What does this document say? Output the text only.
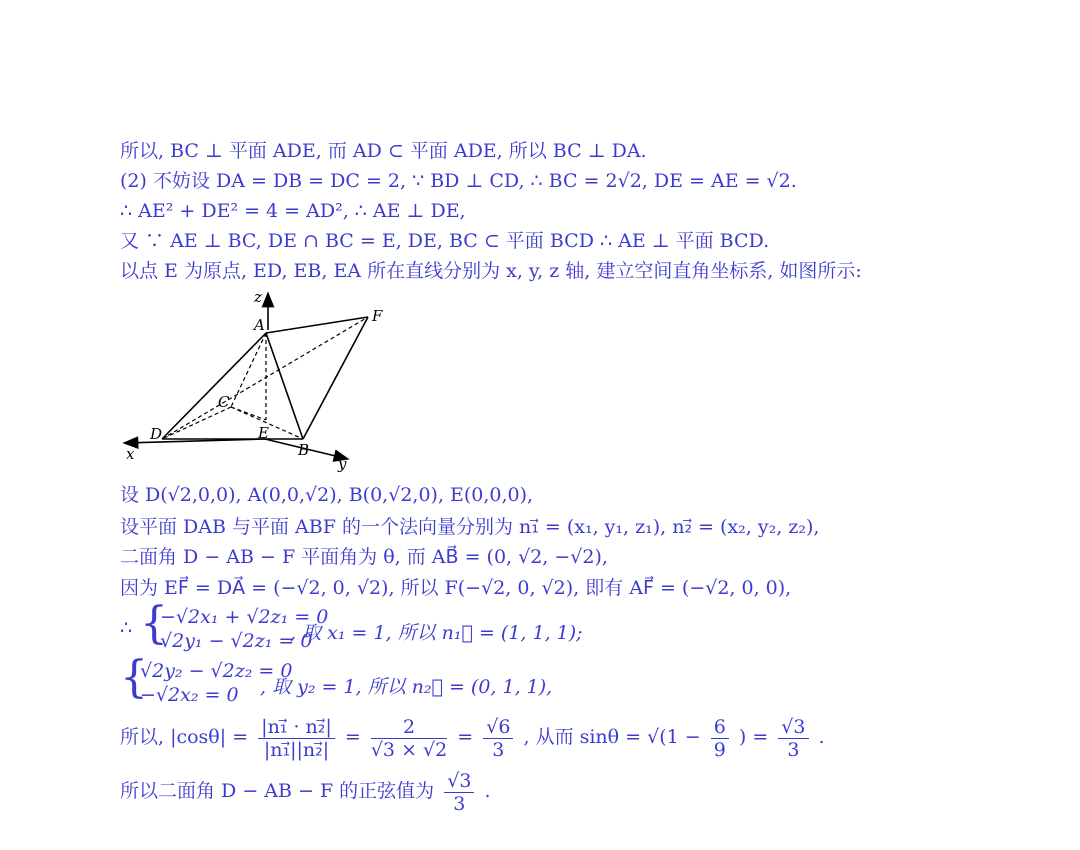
所以, BC ⊥ 平面 ADE, 而 AD ⊂ 平面 ADE, 所以 BC ⊥ DA.
(2) 不妨设 DA = DB = DC = 2, ∵ BD ⊥ CD, ∴ BC = 2√2, DE = AE = √2.
∴ AE² + DE² = 4 = AD², ∴ AE ⊥ DE,
又 ∵ AE ⊥ BC, DE ∩ BC = E, DE, BC ⊂ 平面 BCD ∴ AE ⊥ 平面 BCD.
以点 E 为原点, ED, EB, EA 所在直线分别为 x, y, z 轴, 建立空间直角坐标系, 如图所示:
z
A	F
C
D	E
B
x
y
设 D(√2,0,0), A(0,0,√2), B(0,√2,0), E(0,0,0),
设平面 DAB 与平面 ABF 的一个法向量分别为 n₁⃗ = (x₁, y₁, z₁), n₂⃗ = (x₂, y₂, z₂),
二面角 D − AB − F 平面角为 θ, 而 AB⃗ = (0, √2, −√2),
因为 EF⃗ = DA⃗ = (−√2, 0, √2), 所以 F(−√2, 0, √2), 即有 AF⃗ = (−√2, 0, 0),
∴ {
−√2x₁ + √2z₁ = 0
√2y₁ − √2z₁ = 0
, 取 x₁ = 1, 所以 n₁⃗ = (1, 1, 1);
{
√2y₂ − √2z₂ = 0
−√2x₂ = 0 , 取 y₂ = 1, 所以 n₂⃗ = (0, 1, 1),
所以, $|\cos\theta| = \frac{\text{|n₁⃗ · n₂⃗|}}{\text{|n₁⃗||n₂⃗|}} = \frac{2}{√3 \times √2} = \frac{√6}{3}$ , 从而 $\sin\theta = √(1 - \frac{6}{9}$ ) = $\frac{√3}{3}$ .
所以二面角 D − AB − F 的正弦值为 $\frac{√3}{3}$ .
